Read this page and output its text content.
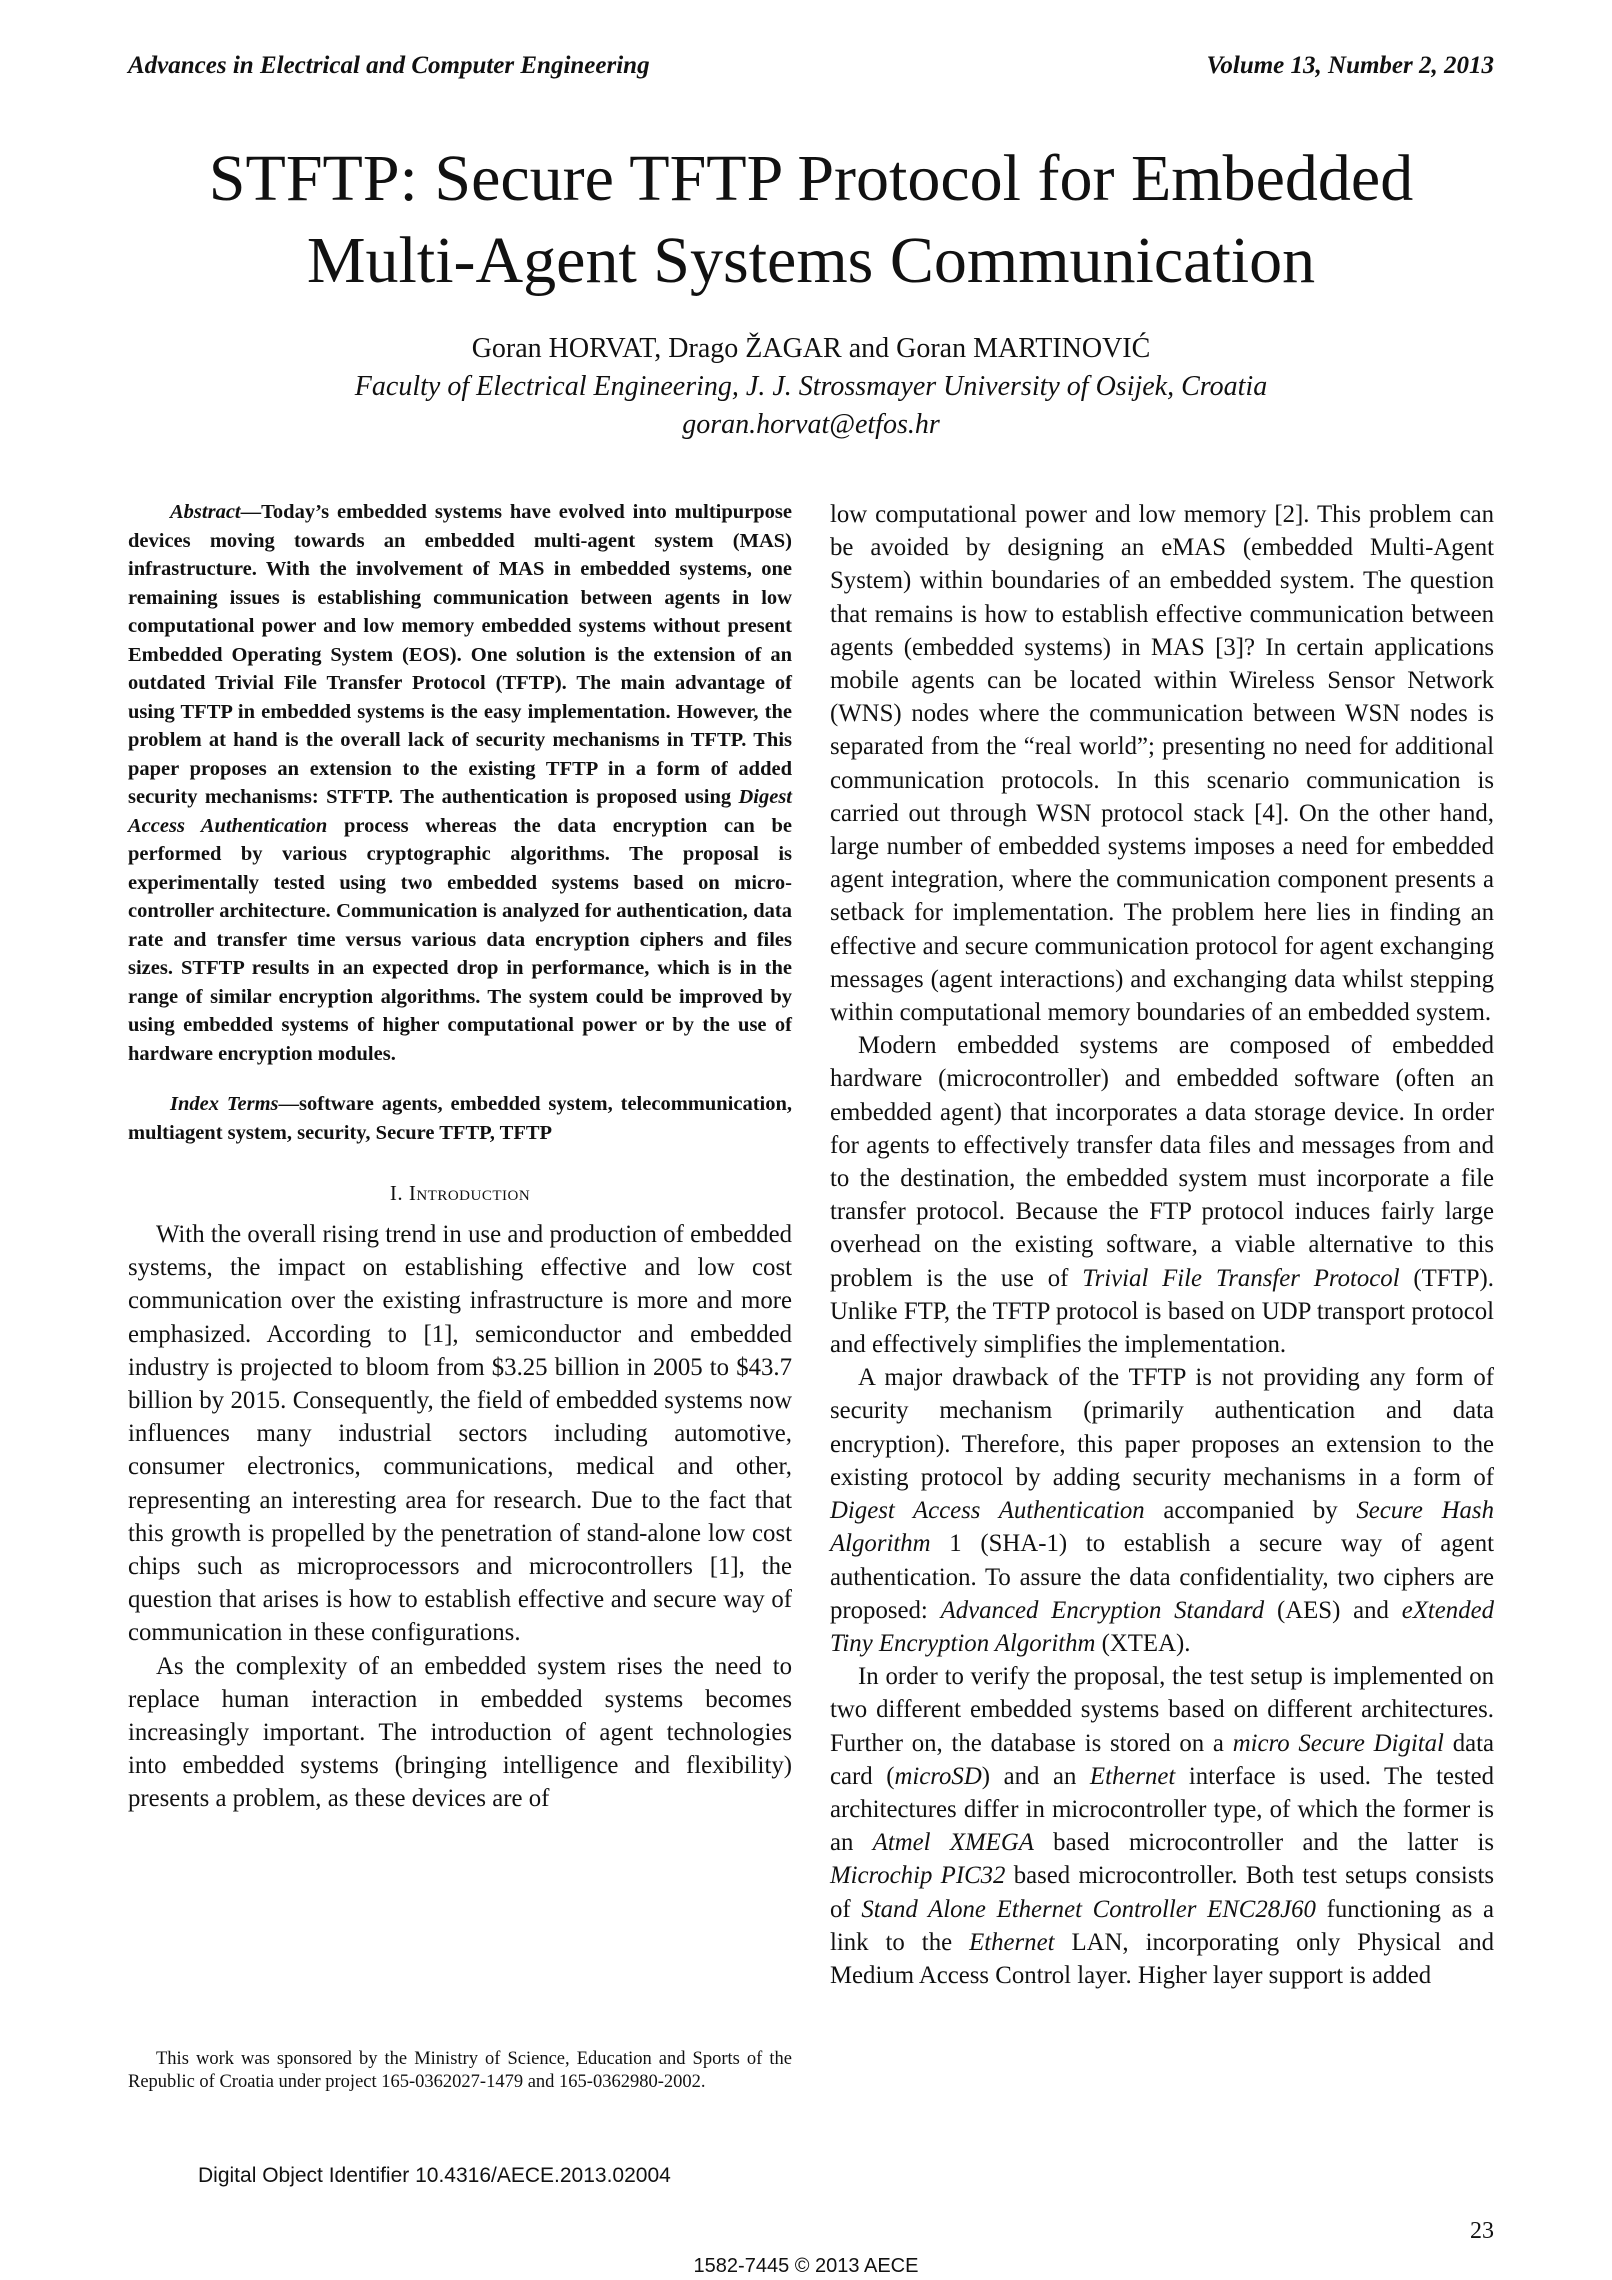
Advances in Electrical and Computer Engineering	Volume 13, Number 2, 2013
STFTP: Secure TFTP Protocol for Embedded
Multi-Agent Systems Communication
Goran HORVAT, Drago ŽAGAR and Goran MARTINOVIĆ
Faculty of Electrical Engineering, J. J. Strossmayer University of Osijek, Croatia
goran.horvat@etfos.hr

Abstract—Today’s embedded systems have evolved into multipurpose devices moving towards an embedded multi-agent system (MAS) infrastructure. With the involvement of MAS in embedded systems, one remaining issues is establishing communication between agents in low computational power and low memory embedded systems without present Embedded Operating System (EOS). One solution is the extension of an outdated Trivial File Transfer Protocol (TFTP). The main advantage of using TFTP in embedded systems is the easy implementation. However, the problem at hand is the overall lack of security mechanisms in TFTP. This paper proposes an extension to the existing TFTP in a form of added security mechanisms: STFTP. The authentication is proposed using Digest Access Authentication process whereas the data encryption can be performed by various cryptographic algorithms. The proposal is experimentally tested using two embedded systems based on micro-controller architecture. Communication is analyzed for authentication, data rate and transfer time versus various data encryption ciphers and files sizes. STFTP results in an expected drop in performance, which is in the range of similar encryption algorithms. The system could be improved by using embedded systems of higher computational power or by the use of hardware encryption modules.

Index Terms—software agents, embedded system, telecommunication, multiagent system, security, Secure TFTP, TFTP

I. Introduction

With the overall rising trend in use and production of embedded systems, the impact on establishing effective and low cost communication over the existing infrastructure is more and more emphasized. According to [1], semiconductor and embedded industry is projected to bloom from $3.25 billion in 2005 to $43.7 billion by 2015. Consequently, the field of embedded systems now influences many industrial sectors including automotive, consumer electronics, communications, medical and other, representing an interesting area for research. Due to the fact that this growth is propelled by the penetration of stand-alone low cost chips such as microprocessors and microcontrollers [1], the question that arises is how to establish effective and secure way of communication in these configurations.

As the complexity of an embedded system rises the need to replace human interaction in embedded systems becomes increasingly important. The introduction of agent technologies into embedded systems (bringing intelligence and flexibility) presents a problem, as these devices are of

This work was sponsored by the Ministry of Science, Education and Sports of the Republic of Croatia under project 165-0362027-1479 and 165-0362980-2002.

low computational power and low memory [2]. This problem can be avoided by designing an eMAS (embedded Multi-Agent System) within boundaries of an embedded system. The question that remains is how to establish effective communication between agents (embedded systems) in MAS [3]? In certain applications mobile agents can be located within Wireless Sensor Network (WNS) nodes where the communication between WSN nodes is separated from the “real world”; presenting no need for additional communication protocols. In this scenario communication is carried out through WSN protocol stack [4]. On the other hand, large number of embedded systems imposes a need for embedded agent integration, where the communication component presents a setback for implementation. The problem here lies in finding an effective and secure communication protocol for agent exchanging messages (agent interactions) and exchanging data whilst stepping within computational memory boundaries of an embedded system.

Modern embedded systems are composed of embedded hardware (microcontroller) and embedded software (often an embedded agent) that incorporates a data storage device. In order for agents to effectively transfer data files and messages from and to the destination, the embedded system must incorporate a file transfer protocol. Because the FTP protocol induces fairly large overhead on the existing software, a viable alternative to this problem is the use of Trivial File Transfer Protocol (TFTP). Unlike FTP, the TFTP protocol is based on UDP transport protocol and effectively simplifies the implementation.

A major drawback of the TFTP is not providing any form of security mechanism (primarily authentication and data encryption). Therefore, this paper proposes an extension to the existing protocol by adding security mechanisms in a form of Digest Access Authentication accompanied by Secure Hash Algorithm 1 (SHA-1) to establish a secure way of agent authentication. To assure the data confidentiality, two ciphers are proposed: Advanced Encryption Standard (AES) and eXtended Tiny Encryption Algorithm (XTEA).

In order to verify the proposal, the test setup is implemented on two different embedded systems based on different architectures. Further on, the database is stored on a micro Secure Digital data card (microSD) and an Ethernet interface is used. The tested architectures differ in microcontroller type, of which the former is an Atmel XMEGA based microcontroller and the latter is Microchip PIC32 based microcontroller. Both test setups consists of Stand Alone Ethernet Controller ENC28J60 functioning as a link to the Ethernet LAN, incorporating only Physical and Medium Access Control layer. Higher layer support is added

Digital Object Identifier 10.4316/AECE.2013.02004
23
1582-7445 © 2013 AECE
